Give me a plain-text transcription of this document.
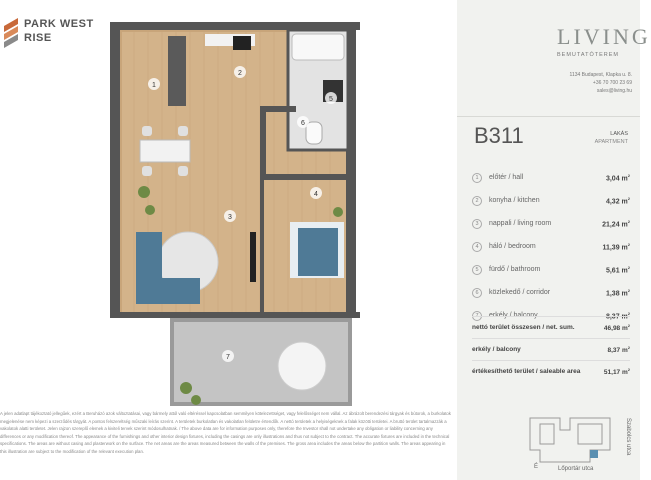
PARK WEST
RISE
1
2
3
4
5
6
7
LIVING
BEMUTATÓTEREM
1134 Budapest, Klapka u. 8.
+36 70 700 23 69
sales@living.hu
B311	LAKÁS
APARTMENT
1	előtér / hall	3,04 $m^2$
2	konyha / kitchen	4,32 $m^2$
3	nappali / living room	21,24 $m^2$
4	háló / bedroom	11,39 $m^2$
5	fürdő / bathroom	5,61 $m^2$
6	közlekedő / corridor	1,38 $m^2$
7	erkély / balcony	8,37 $m^2$
nettó terület összesen / net. sum.	46,98 $m^2$
erkély / balcony	8,37 $m^2$
értékesíthető terület / saleable area	51,17 $m^2$
A jelen adatlapt tájékoztató jellegűek, ezért a Beruházó azok változtatásai, vagy bármely attól való eltéréssel kapcsolatban semmilyen kötelezettséget, vagy felelősséget nem vállal. Az ábrázolt berendezési tárgyak és bútorok, a burkolatok megjelenése nem képezi a szerződés tárgyát. A pontos felszereltség műszaki leírás szerint. A területek burkolatlan és vakolatlan felületre értendők. A nettó területek a helyiségeknek a falak közötti területei. A bruttó terület tartalmazzák a vakolatok alatti területet. Jelen rajzon szereplő elemek a kiviteli tervek szerint módosulhatnak. / The above data are for information purposes only, therefore the Investor shall not undertake any obligation or liability concerning any differences or any modification thereof. The appearance of the furnishings and other interior design fixtures, including the casings are only illustrations and thus not subject to the contract. The accurate fixtures are included in the technical specifications. The areas are without casing and plasterwork on the surface. The net areas are the areas measured between the walls of the premises. The gross area includes the areas below the partition walls. The areas appearing in this illustration are subject to the modification of the relevant execution plan.
É	Lőportár utca
Szabolcs utca
